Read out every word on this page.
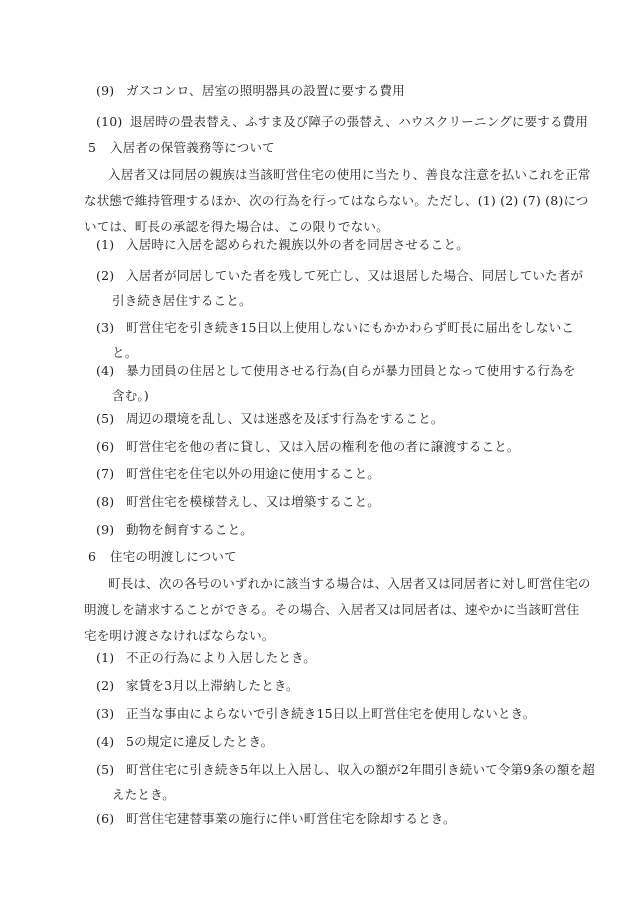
(9) ガスコンロ、居室の照明器具の設置に要する費用
(10) 退居時の畳表替え、ふすま及び障子の張替え、ハウスクリーニングに要する費用
5 入居者の保管義務等について
入居者又は同居の親族は当該町営住宅の使用に当たり、善良な注意を払いこれを正常
な状態で維持管理するほか、次の行為を行ってはならない。ただし、(1) (2) (7) (8)につ
いては、町長の承認を得た場合は、この限りでない。
(1) 入居時に入居を認められた親族以外の者を同居させること。
(2) 入居者が同居していた者を残して死亡し、又は退居した場合、同居していた者が
引き続き居住すること。
(3) 町営住宅を引き続き15日以上使用しないにもかかわらず町長に届出をしないこ
と。
(4) 暴力団員の住居として使用させる行為(自らが暴力団員となって使用する行為を
含む。)
(5) 周辺の環境を乱し、又は迷惑を及ぼす行為をすること。
(6) 町営住宅を他の者に貸し、又は入居の権利を他の者に譲渡すること。
(7) 町営住宅を住宅以外の用途に使用すること。
(8) 町営住宅を模様替えし、又は増築すること。
(9) 動物を飼育すること。
6 住宅の明渡しについて
町長は、次の各号のいずれかに該当する場合は、入居者又は同居者に対し町営住宅の
明渡しを請求することができる。その場合、入居者又は同居者は、速やかに当該町営住
宅を明け渡さなければならない。
(1) 不正の行為により入居したとき。
(2) 家賃を3月以上滞納したとき。
(3) 正当な事由によらないで引き続き15日以上町営住宅を使用しないとき。
(4) 5の規定に違反したとき。
(5) 町営住宅に引き続き5年以上入居し、収入の額が2年間引き続いて令第9条の額を超
えたとき。
(6) 町営住宅建替事業の施行に伴い町営住宅を除却するとき。
